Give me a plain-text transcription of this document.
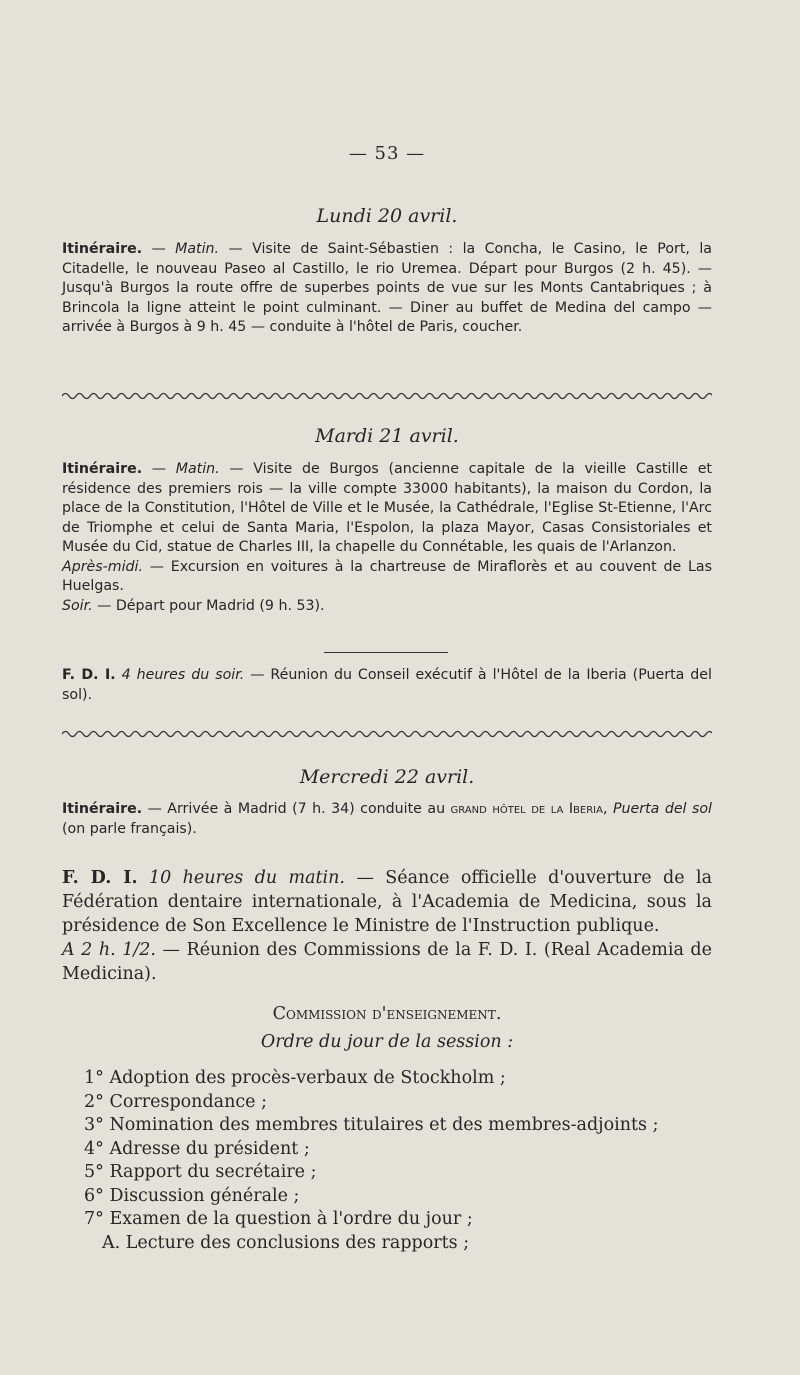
— 53 —
Lundi 20 avril.

Itinéraire. — Matin. — Visite de Saint-Sébastien : la Concha, le Casino, le Port, la Citadelle, le nouveau Paseo al Castillo, le rio Uremea. Départ pour Burgos (2 h. 45). — Jusqu'à Burgos la route offre de superbes points de vue sur les Monts Cantabriques ; à Brincola la ligne atteint le point culminant. — Diner au buffet de Medina del campo — arrivée à Burgos à 9 h. 45 — conduite à l'hôtel de Paris, coucher.

Mardi 21 avril.

Itinéraire. — Matin. — Visite de Burgos (ancienne capitale de la vieille Castille et résidence des premiers rois — la ville compte 33000 habitants), la maison du Cordon, la place de la Constitution, l'Hôtel de Ville et le Musée, la Cathédrale, l'Eglise St-Etienne, l'Arc de Triomphe et celui de Santa Maria, l'Espolon, la plaza Mayor, Casas Consistoriales et Musée du Cid, statue de Charles III, la chapelle du Connétable, les quais de l'Arlanzon.

Après-midi. — Excursion en voitures à la chartreuse de Miraflorès et au couvent de Las Huelgas.

Soir. — Départ pour Madrid (9 h. 53).

F. D. I. 4 heures du soir. — Réunion du Conseil exécutif à l'Hôtel de la Iberia (Puerta del sol).

Mercredi 22 avril.

Itinéraire. — Arrivée à Madrid (7 h. 34) conduite au grand hôtel de la Iberia, Puerta del sol (on parle français).

F. D. I. 10 heures du matin. — Séance officielle d'ouverture de la Fédération dentaire internationale, à l'Academia de Medicina, sous la présidence de Son Excellence le Ministre de l'Instruction publique.

A 2 h. 1/2. — Réunion des Commissions de la F. D. I. (Real Academia de Medicina).

Commission d'enseignement.
Ordre du jour de la session :
1° Adoption des procès-verbaux de Stockholm ;
2° Correspondance ;
3° Nomination des membres titulaires et des membres-adjoints ;
4° Adresse du président ;
5° Rapport du secrétaire ;
6° Discussion générale ;
7° Examen de la question à l'ordre du jour ;
A. Lecture des conclusions des rapports ;
